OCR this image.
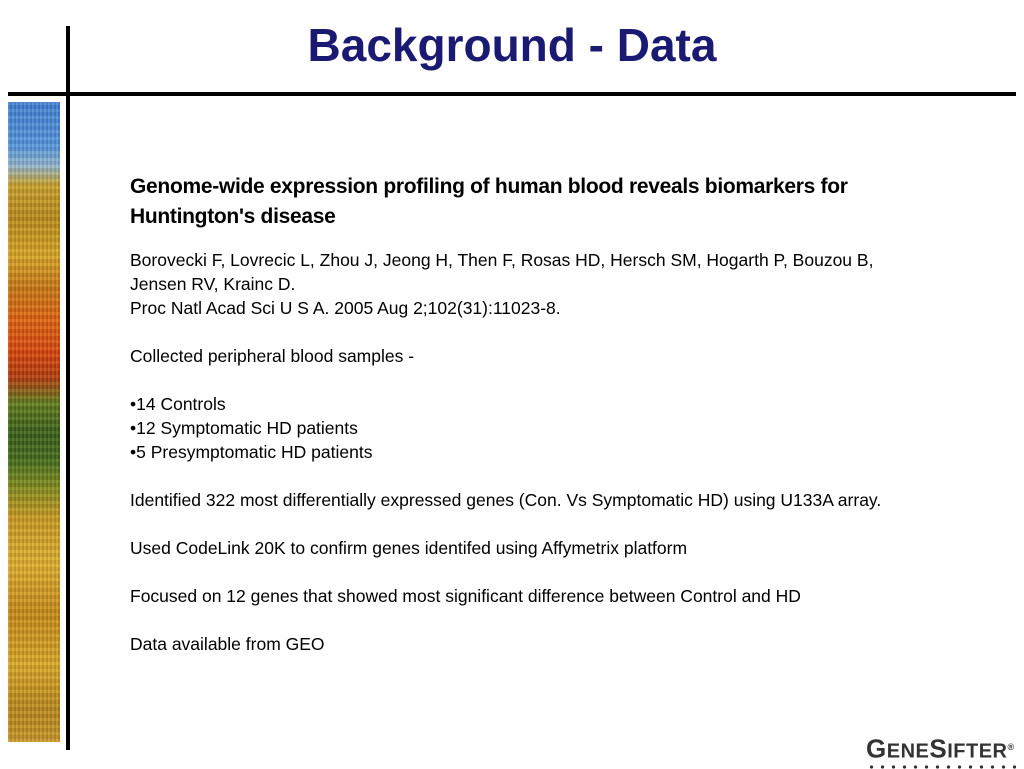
Background - Data

Genome-wide expression profiling of human blood reveals biomarkers for

Huntington's disease

Borovecki F, Lovrecic L, Zhou J, Jeong H, Then F, Rosas HD, Hersch SM, Hogarth P, Bouzou B,

Jensen RV, Krainc D.

Proc Natl Acad Sci U S A. 2005 Aug 2;102(31):11023-8.

Collected peripheral blood samples -

•14 Controls

•12 Symptomatic HD patients

•5 Presymptomatic HD patients

Identified 322 most differentially expressed genes (Con. Vs Symptomatic HD) using U133A array.

Used CodeLink 20K to confirm genes identifed using Affymetrix platform

Focused on 12 genes that showed most significant difference between Control and HD

Data available from GEO

GENESIFTER®
